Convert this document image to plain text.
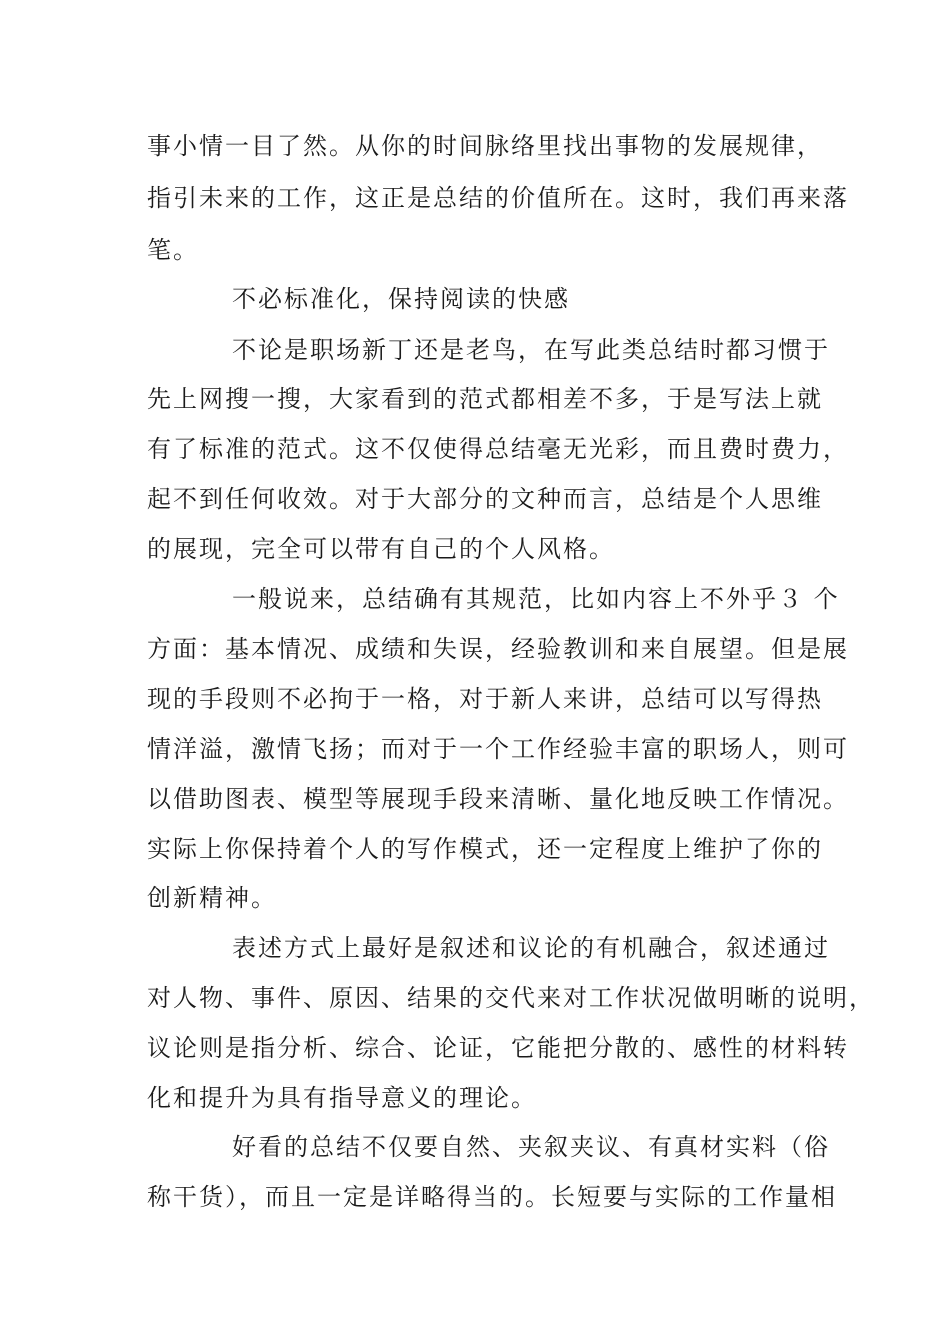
事小情一目了然。从你的时间脉络里找出事物的发展规律，
指引未来的工作，这正是总结的价值所在。这时，我们再来落
笔。
不必标准化，保持阅读的快感
不论是职场新丁还是老鸟，在写此类总结时都习惯于
先上网搜一搜，大家看到的范式都相差不多，于是写法上就
有了标准的范式。这不仅使得总结毫无光彩，而且费时费力，
起不到任何收效。对于大部分的文种而言，总结是个人思维
的展现，完全可以带有自己的个人风格。
一般说来，总结确有其规范，比如内容上不外乎３ 个
方面：基本情况、成绩和失误，经验教训和来自展望。但是展
现的手段则不必拘于一格，对于新人来讲，总结可以写得热
情洋溢，激情飞扬；而对于一个工作经验丰富的职场人，则可
以借助图表、模型等展现手段来清晰、量化地反映工作情况。
实际上你保持着个人的写作模式，还一定程度上维护了你的
创新精神。
表述方式上最好是叙述和议论的有机融合，叙述通过
对人物、事件、原因、结果的交代来对工作状况做明晰的说明，
议论则是指分析、综合、论证，它能把分散的、感性的材料转
化和提升为具有指导意义的理论。
好看的总结不仅要自然、夹叙夹议、有真材实料（俗
称干货），而且一定是详略得当的。长短要与实际的工作量相
